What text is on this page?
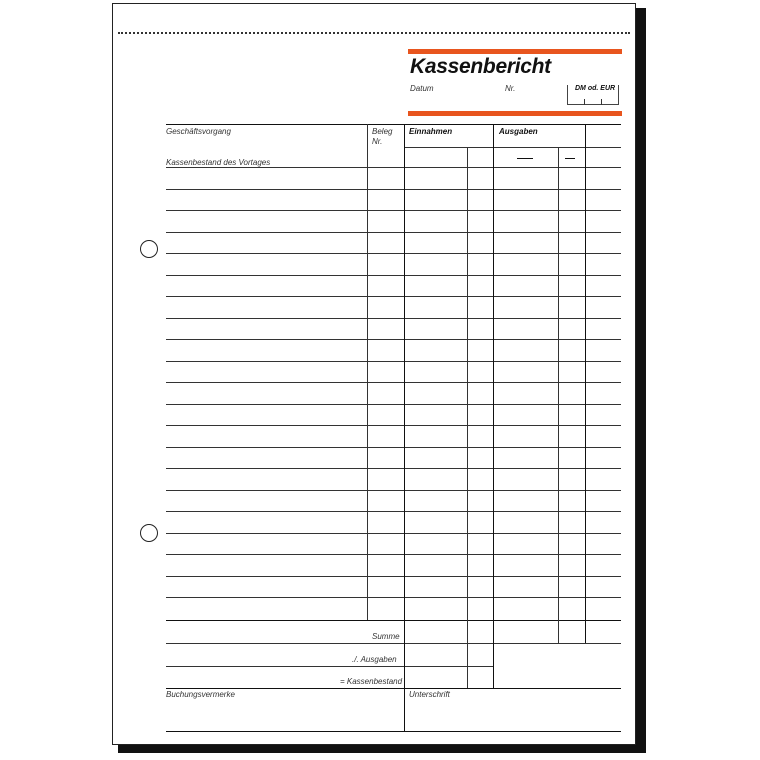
Kassenbericht
Datum	Nr.	DM od. EUR
Geschäftsvorgang	Beleg
Nr.
Einnahmen	Ausgaben
Kassenbestand des Vortages
Summe
./. Ausgaben
= Kassenbestand
Buchungsvermerke	Unterschrift
